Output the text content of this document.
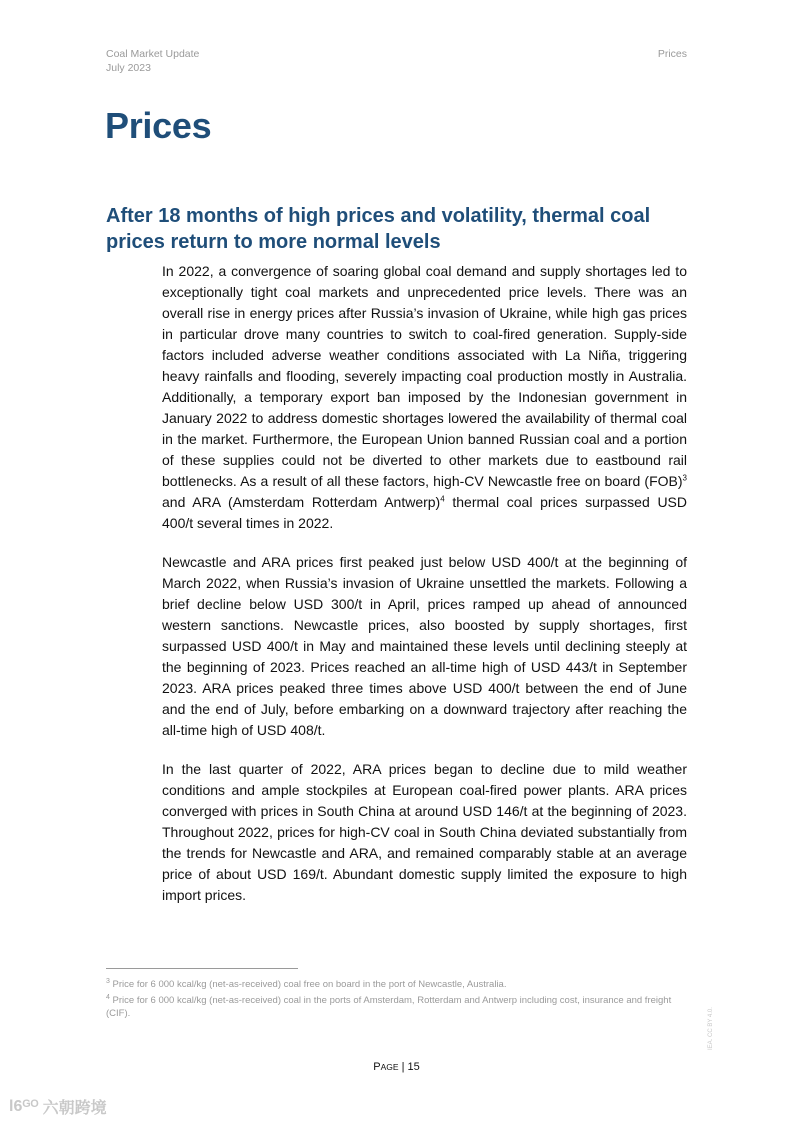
Coal Market Update
July 2023
Prices
Prices
After 18 months of high prices and volatility, thermal coal prices return to more normal levels

In 2022, a convergence of soaring global coal demand and supply shortages led to exceptionally tight coal markets and unprecedented price levels. There was an overall rise in energy prices after Russia’s invasion of Ukraine, while high gas prices in particular drove many countries to switch to coal-fired generation. Supply-side factors included adverse weather conditions associated with La Niña, triggering heavy rainfalls and flooding, severely impacting coal production mostly in Australia. Additionally, a temporary export ban imposed by the Indonesian government in January 2022 to address domestic shortages lowered the availability of thermal coal in the market. Furthermore, the European Union banned Russian coal and a portion of these supplies could not be diverted to other markets due to eastbound rail bottlenecks. As a result of all these factors, high-CV Newcastle free on board (FOB)$^3$ and ARA (Amsterdam Rotterdam Antwerp)$^4$ thermal coal prices surpassed USD 400/t several times in 2022.

Newcastle and ARA prices first peaked just below USD 400/t at the beginning of March 2022, when Russia’s invasion of Ukraine unsettled the markets. Following a brief decline below USD 300/t in April, prices ramped up ahead of announced western sanctions. Newcastle prices, also boosted by supply shortages, first surpassed USD 400/t in May and maintained these levels until declining steeply at the beginning of 2023. Prices reached an all-time high of USD 443/t in September 2023. ARA prices peaked three times above USD 400/t between the end of June and the end of July, before embarking on a downward trajectory after reaching the all-time high of USD 408/t.

In the last quarter of 2022, ARA prices began to decline due to mild weather conditions and ample stockpiles at European coal-fired power plants. ARA prices converged with prices in South China at around USD 146/t at the beginning of 2023. Throughout 2022, prices for high-CV coal in South China deviated substantially from the trends for Newcastle and ARA, and remained comparably stable at an average price of about USD 169/t. Abundant domestic supply limited the exposure to high import prices.

$^3$ Price for 6 000 kcal/kg (net-as-received) coal free on board in the port of Newcastle, Australia.

$^4$ Price for 6 000 kcal/kg (net-as-received) coal in the ports of Amsterdam, Rotterdam and Antwerp including cost, insurance and freight (CIF).

PAGE | 15
IEA. CC BY 4.0.
l6ᴳᴼ 六朝跨境
